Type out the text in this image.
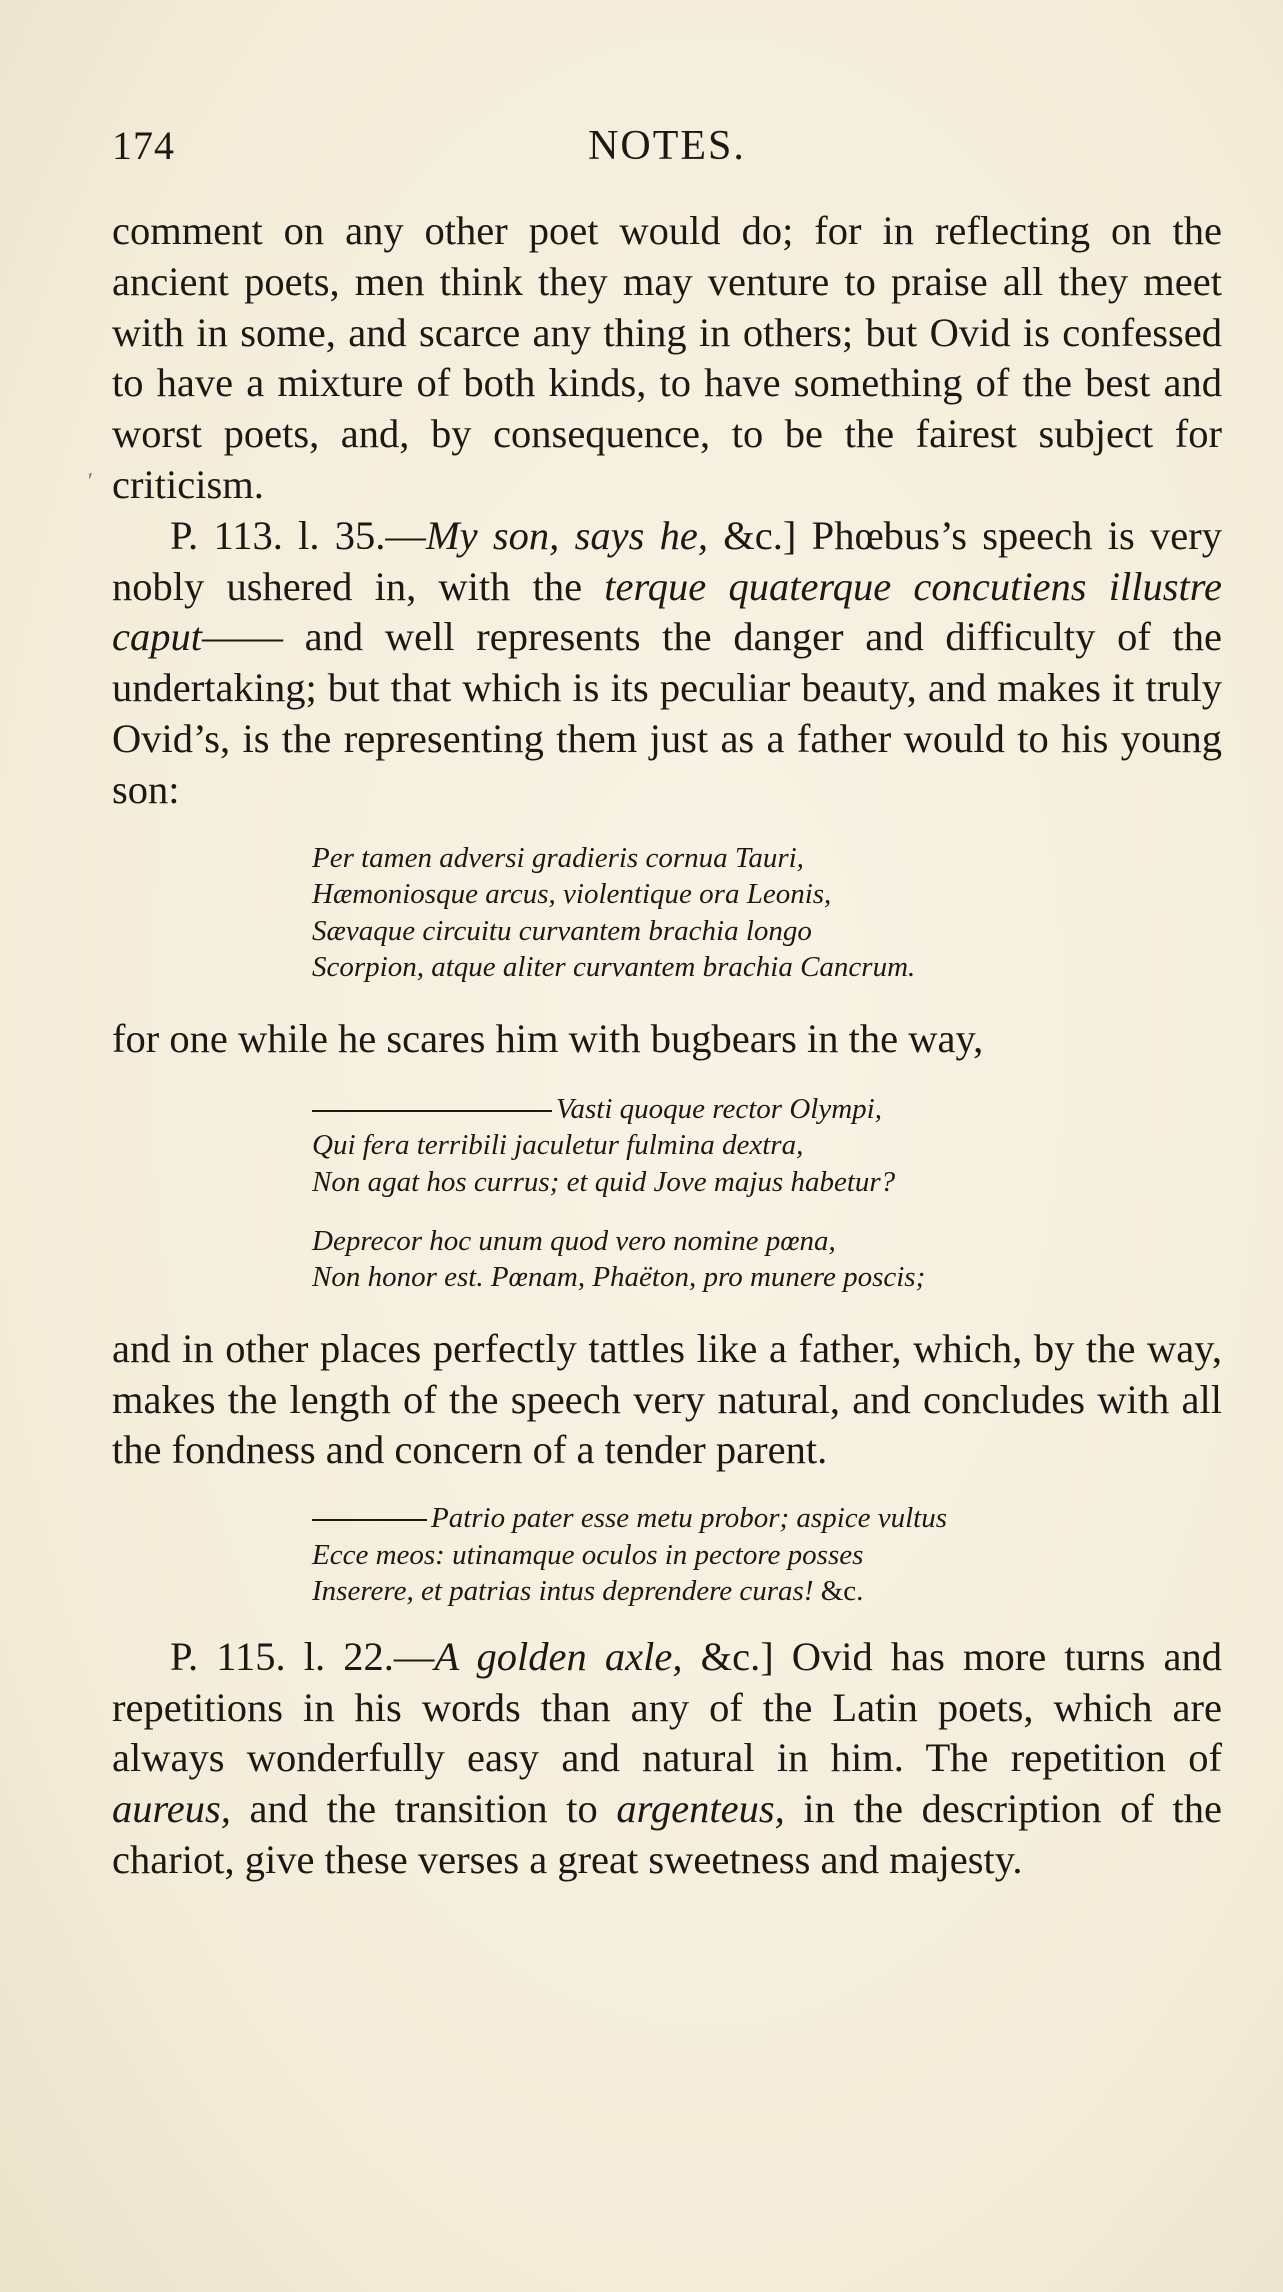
174	NOTES.

comment on any other poet would do; for in reflecting on the ancient poets, men think they may venture to praise all they meet with in some, and scarce any thing in others; but Ovid is confessed to have a mixture of both kinds, to have something of the best and worst poets, and, by consequence, to be the fairest subject for criticism.

P. 113. l. 35.—My son, says he, &c.] Phœbus’s speech is very nobly ushered in, with the terque quaterque concutiens illustre caput—— and well represents the danger and difficulty of the undertaking; but that which is its peculiar beauty, and makes it truly Ovid’s, is the representing them just as a father would to his young son:

Per tamen adversi gradieris cornua Tauri,
Hæmoniosque arcus, violentique ora Leonis,
Sævaque circuitu curvantem brachia longo
Scorpion, atque aliter curvantem brachia Cancrum.

for one while he scares him with bugbears in the way,

Vasti quoque rector Olympi,
Qui fera terribili jaculetur fulmina dextra,
Non agat hos currus; et quid Jove majus habetur?
Deprecor hoc unum quod vero nomine pœna,
Non honor est. Pœnam, Phaëton, pro munere poscis;

and in other places perfectly tattles like a father, which, by the way, makes the length of the speech very natural, and concludes with all the fondness and concern of a tender parent.

Patrio pater esse metu probor; aspice vultus
Ecce meos: utinamque oculos in pectore posses
Inserere, et patrias intus deprendere curas! &c.

P. 115. l. 22.—A golden axle, &c.] Ovid has more turns and repetitions in his words than any of the Latin poets, which are always wonderfully easy and natural in him. The repetition of aureus, and the transition to argenteus, in the description of the chariot, give these verses a great sweetness and majesty.

ʹ
